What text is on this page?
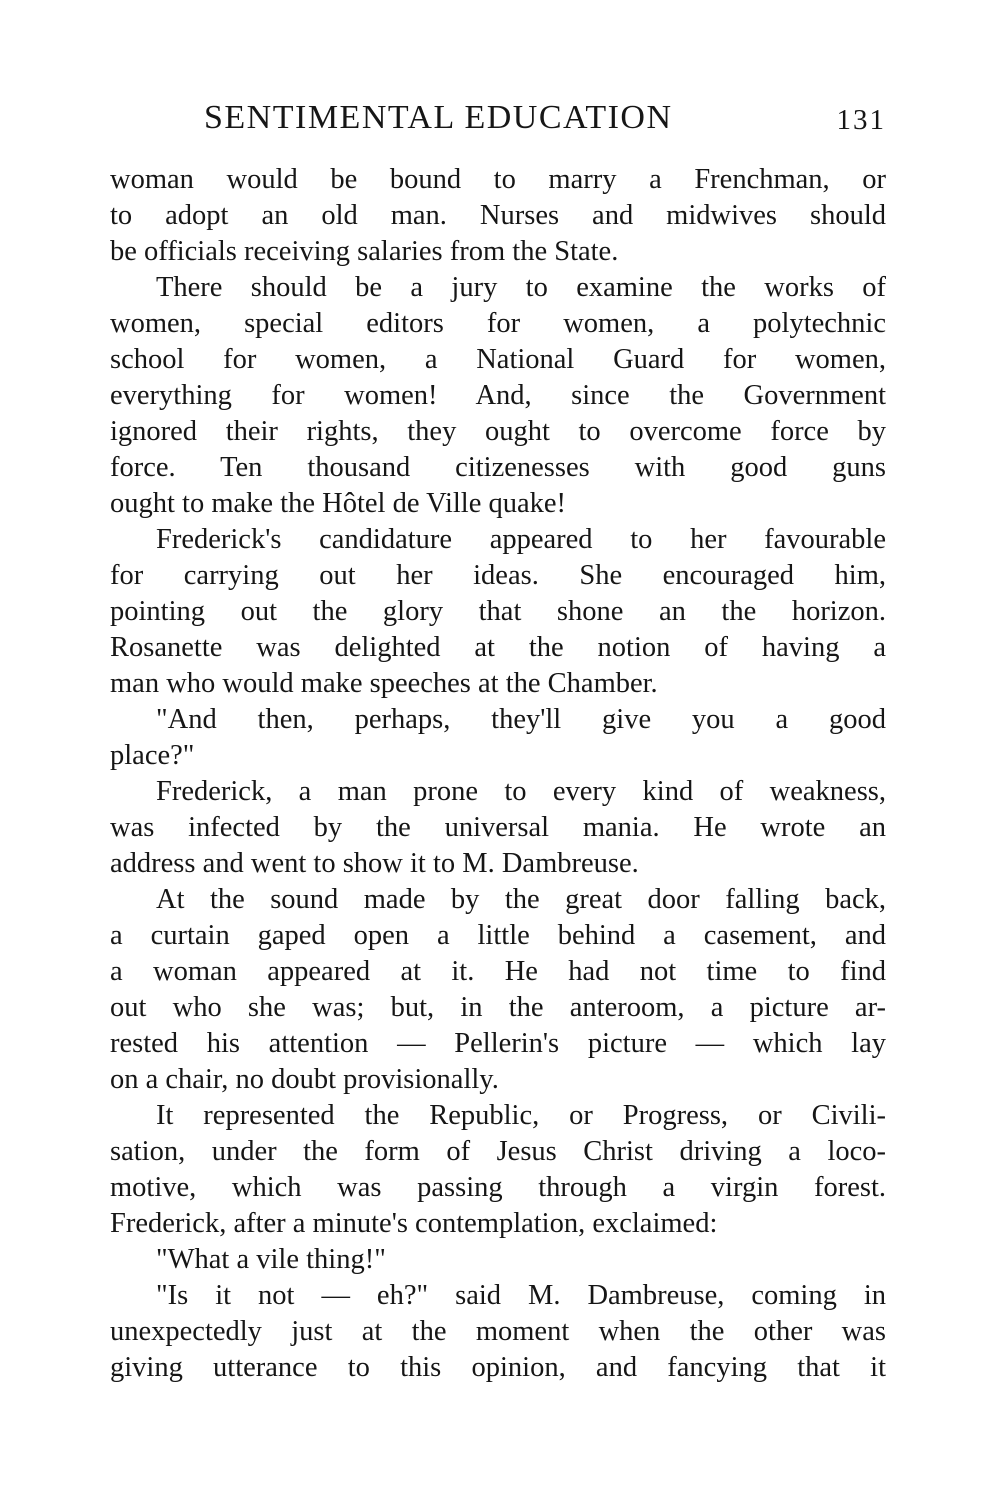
SENTIMENTAL EDUCATION	131
woman would be bound to marry a Frenchman, or
to adopt an old man. Nurses and midwives should
be officials receiving salaries from the State.
There should be a jury to examine the works of
women, special editors for women, a polytechnic
school for women, a National Guard for women,
everything for women! And, since the Government
ignored their rights, they ought to overcome force by
force. Ten thousand citizenesses with good guns
ought to make the Hôtel de Ville quake!
Frederick's candidature appeared to her favourable
for carrying out her ideas. She encouraged him,
pointing out the glory that shone an the horizon.
Rosanette was delighted at the notion of having a
man who would make speeches at the Chamber.
"And then, perhaps, they'll give you a good
place?"
Frederick, a man prone to every kind of weakness,
was infected by the universal mania. He wrote an
address and went to show it to M. Dambreuse.
At the sound made by the great door falling back,
a curtain gaped open a little behind a casement, and
a woman appeared at it. He had not time to find
out who she was; but, in the anteroom, a picture ar-
rested his attention — Pellerin's picture — which lay
on a chair, no doubt provisionally.
It represented the Republic, or Progress, or Civili-
sation, under the form of Jesus Christ driving a loco-
motive, which was passing through a virgin forest.
Frederick, after a minute's contemplation, exclaimed:
"What a vile thing!"
"Is it not — eh?" said M. Dambreuse, coming in
unexpectedly just at the moment when the other was
giving utterance to this opinion, and fancying that it
